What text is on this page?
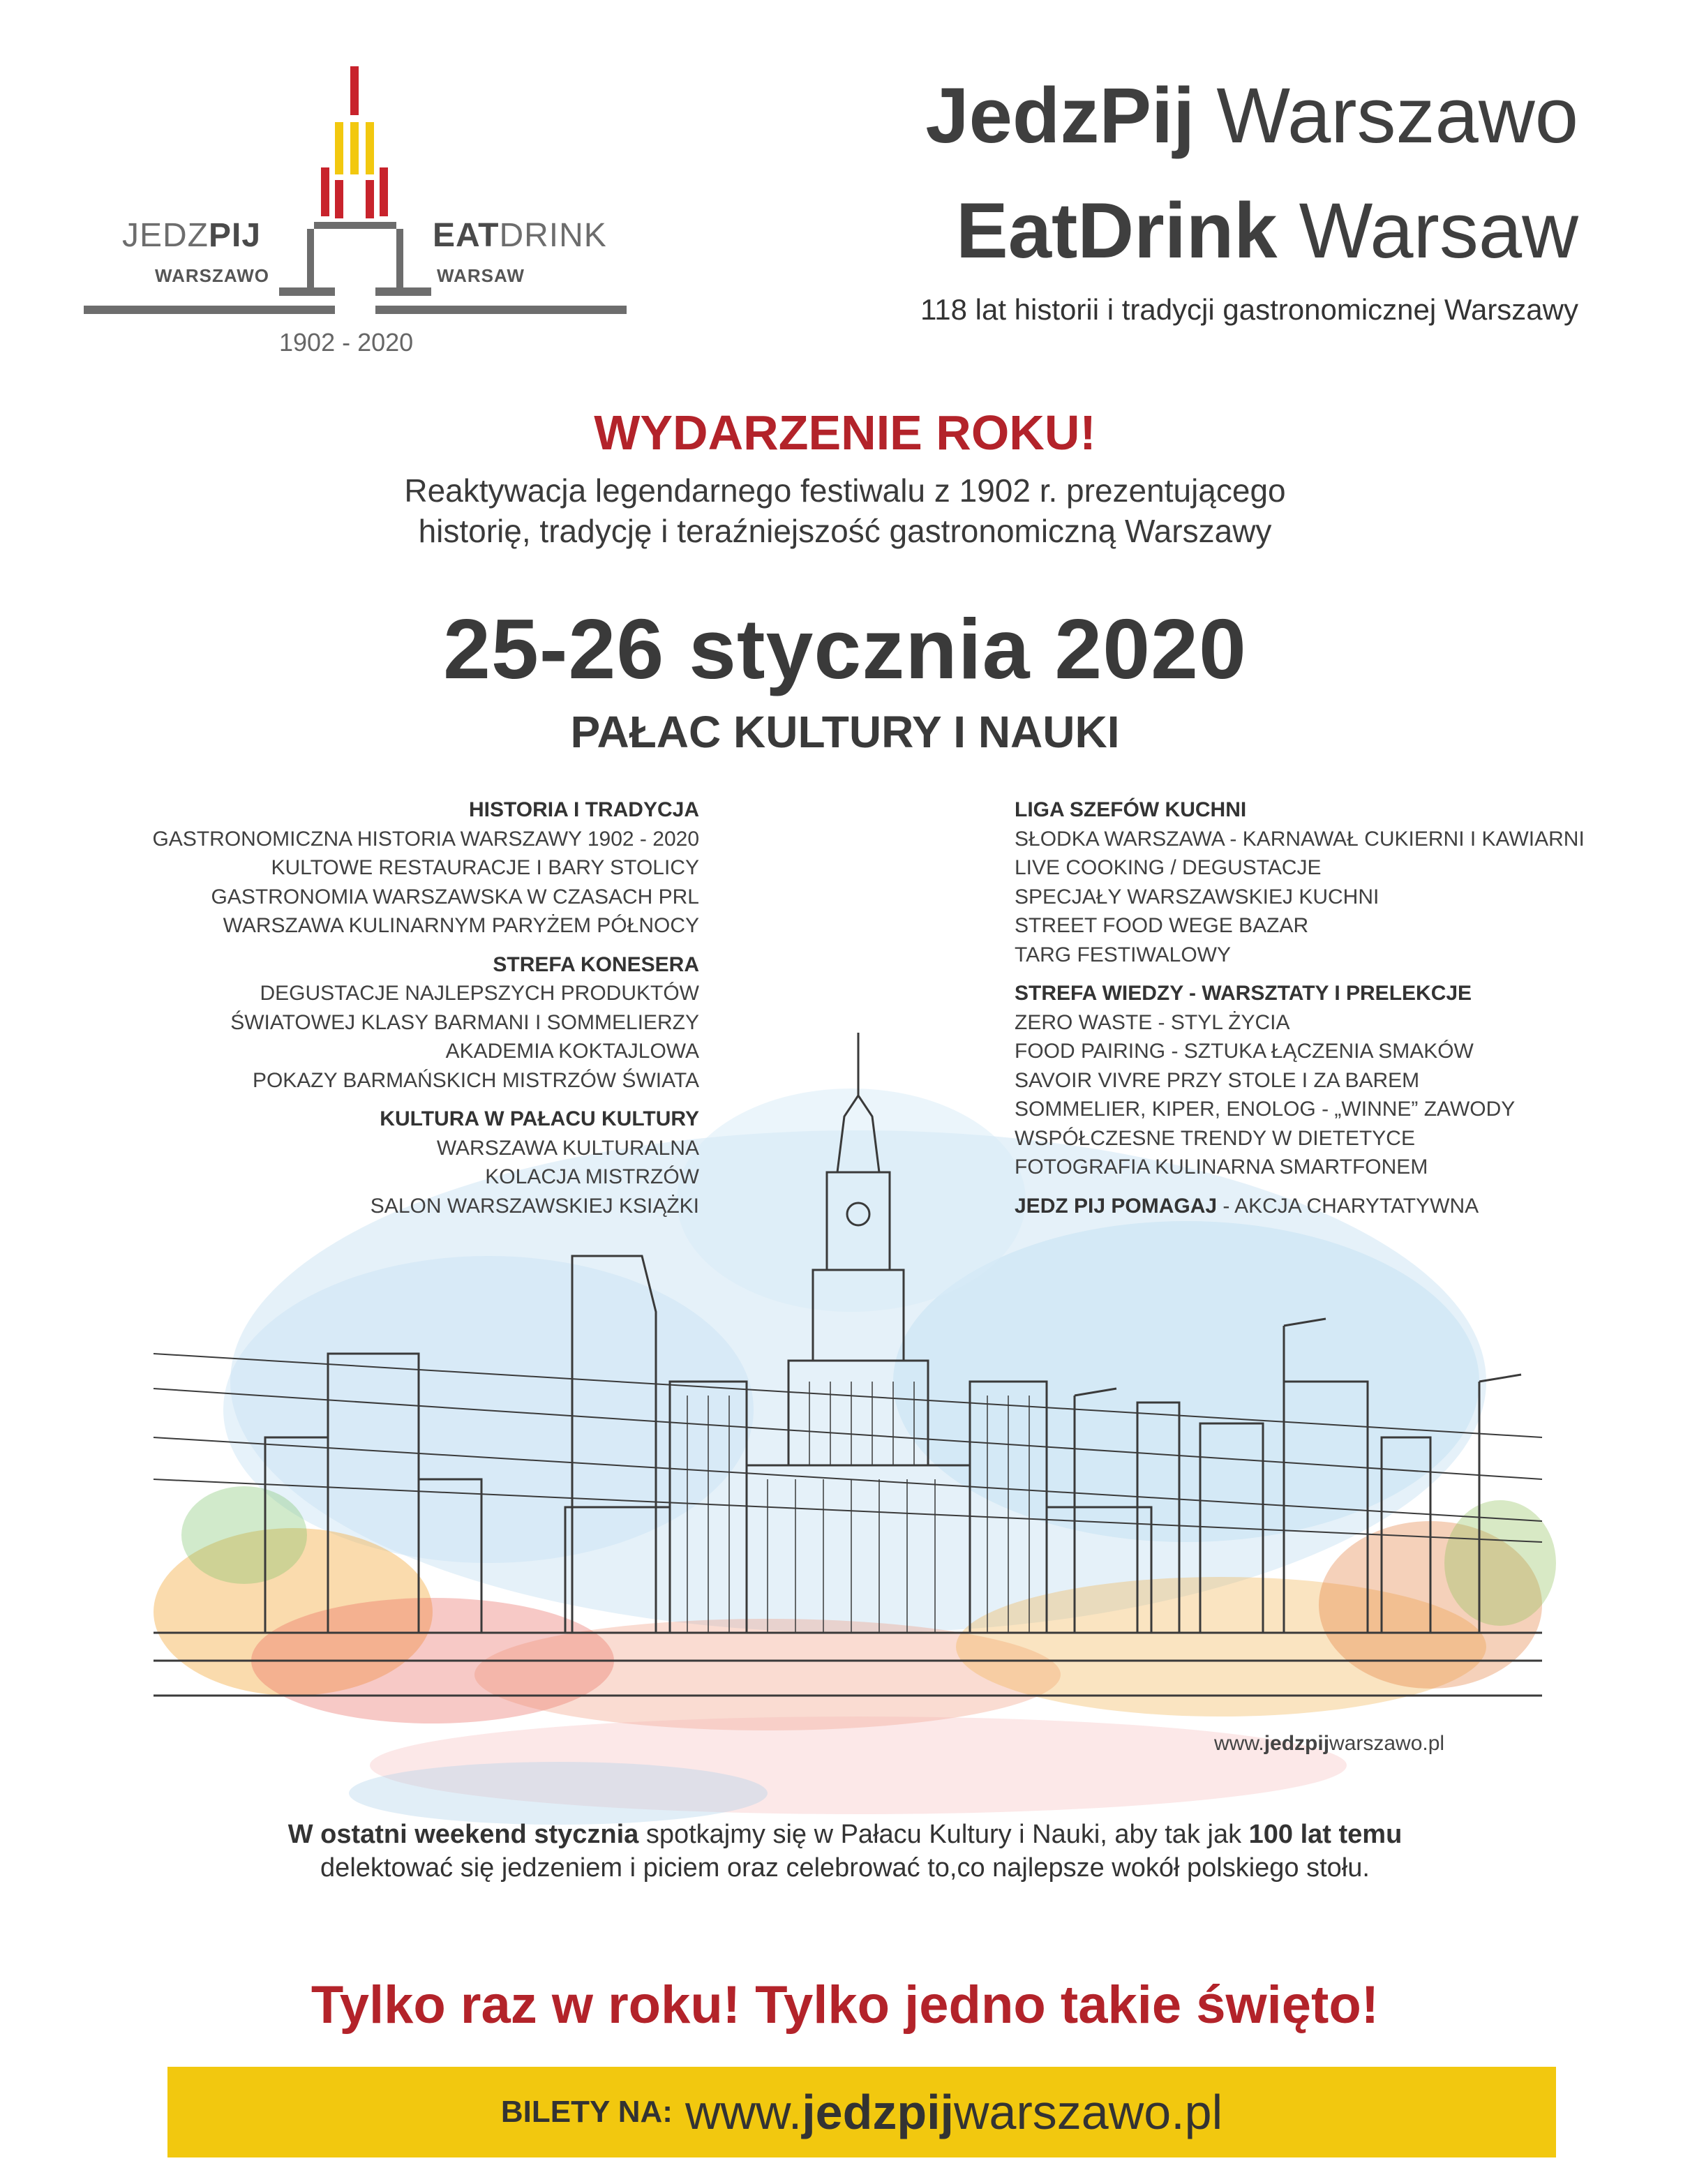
JEDZPIJ
WARSZAWO
EATDRINK
WARSAW
1902 - 2020
JedzPij Warszawo
EatDrink Warsaw
118 lat historii i tradycji gastronomicznej Warszawy
WYDARZENIE ROKU!
Reaktywacja legendarnego festiwalu z 1902 r. prezentującego
historię, tradycję i teraźniejszość gastronomiczną Warszawy
25-26 stycznia 2020
PAŁAC KULTURY I NAUKI
www.jedzpijwarszawo.pl
HISTORIA I TRADYCJA
GASTRONOMICZNA HISTORIA WARSZAWY 1902 - 2020
KULTOWE RESTAURACJE I BARY STOLICY
GASTRONOMIA WARSZAWSKA W CZASACH PRL
WARSZAWA KULINARNYM PARYŻEM PÓŁNOCY
STREFA KONESERA
DEGUSTACJE NAJLEPSZYCH PRODUKTÓW
ŚWIATOWEJ KLASY BARMANI I SOMMELIERZY
AKADEMIA KOKTAJLOWA
POKAZY BARMAŃSKICH MISTRZÓW ŚWIATA
KULTURA W PAŁACU KULTURY
WARSZAWA KULTURALNA
KOLACJA MISTRZÓW
SALON WARSZAWSKIEJ KSIĄŻKI
LIGA SZEFÓW KUCHNI
SŁODKA WARSZAWA - KARNAWAŁ CUKIERNI I KAWIARNI
LIVE COOKING / DEGUSTACJE
SPECJAŁY WARSZAWSKIEJ KUCHNI
STREET FOOD WEGE BAZAR
TARG FESTIWALOWY
STREFA WIEDZY - WARSZTATY I PRELEKCJE
ZERO WASTE - STYL ŻYCIA
FOOD PAIRING - SZTUKA ŁĄCZENIA SMAKÓW
SAVOIR VIVRE PRZY STOLE I ZA BAREM
SOMMELIER, KIPER, ENOLOG - „WINNE” ZAWODY
WSPÓŁCZESNE TRENDY W DIETETYCE
FOTOGRAFIA KULINARNA SMARTFONEM
JEDZ PIJ POMAGAJ - AKCJA CHARYTATYWNA
W ostatni weekend stycznia spotkajmy się w Pałacu Kultury i Nauki, aby tak jak 100 lat temu
delektować się jedzeniem i piciem oraz celebrować to,co najlepsze wokół polskiego stołu.
Tylko raz w roku! Tylko jedno takie święto!
BILETY NA: www.jedzpijwarszawo.pl
